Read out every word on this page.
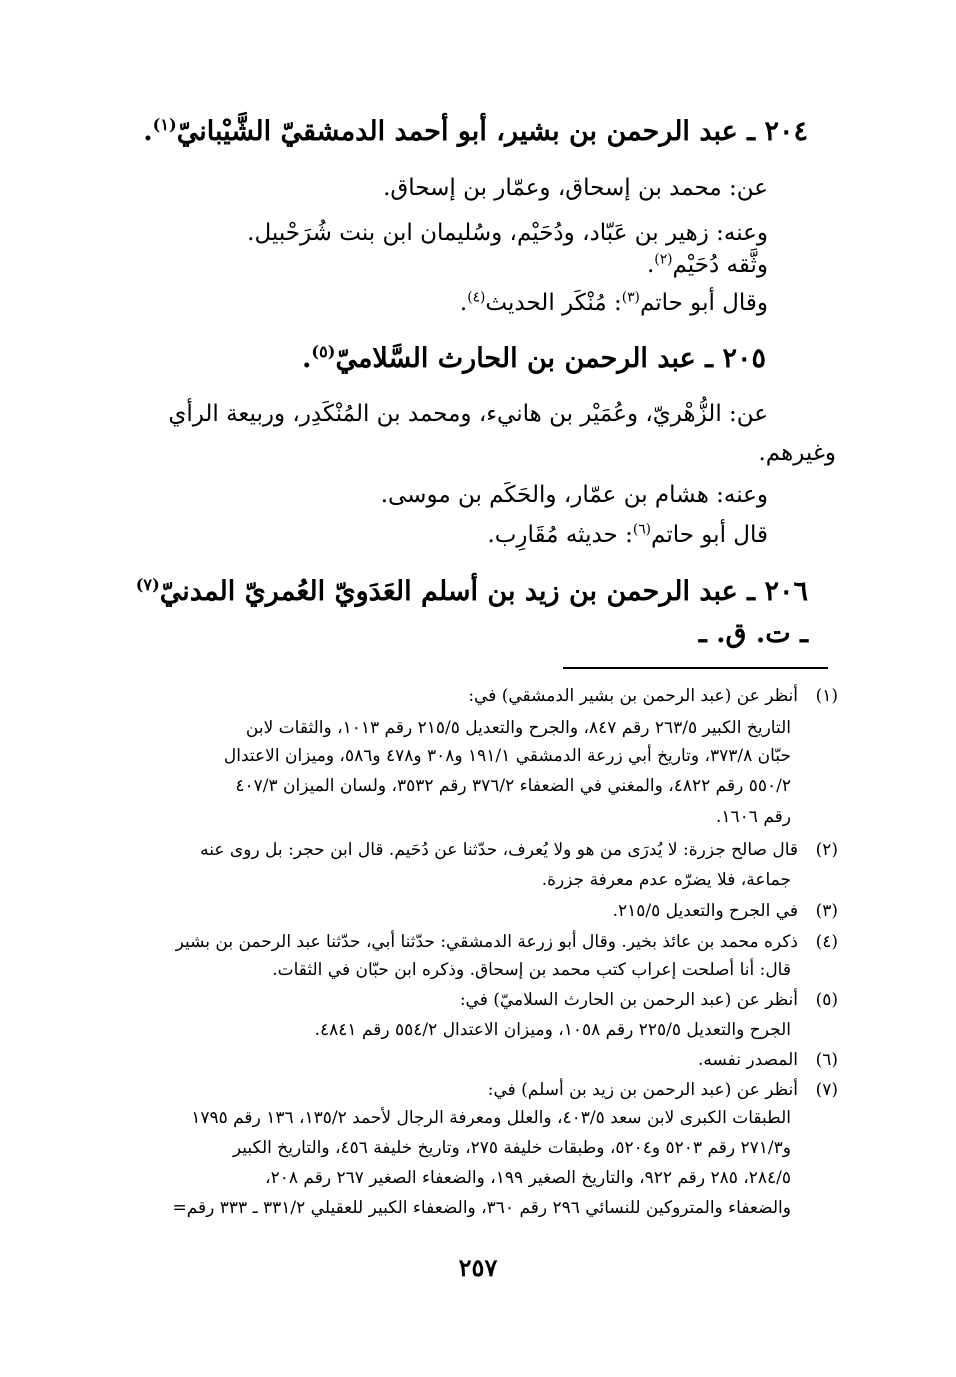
٢٠٤ ـ عبد الرحمن بن بشير، أبو أحمد الدمشقيّ الشَّيْبانيّ$^{(١)}$.

عن: محمد بن إسحاق، وعمّار بن إسحاق.

وعنه: زهير بن عَبّاد، ودُحَيْم، وسُليمان ابن بنت شُرَحْبيل.

وثَّقه دُحَيْم$^{(٢)}$.

وقال أبو حاتم$^{(٣)}$: مُنْكَر الحديث$^{(٤)}$.

٢٠٥ ـ عبد الرحمن بن الحارث السَّلاميّ$^{(٥)}$.

عن: الزُّهْريّ، وعُمَيْر بن هانيء، ومحمد بن المُنْكَدِر، وربيعة الرأي

وغيرهم.

وعنه: هشام بن عمّار، والحَكَم بن موسى.

قال أبو حاتم$^{(٦)}$: حديثه مُقَارِب.

٢٠٦ ـ عبد الرحمن بن زيد بن أسلم العَدَويّ العُمريّ المدنيّ$^{(٧)}$

ـ ت. ق. ـ

(١)أنظر عن (عبد الرحمن بن بشير الدمشقي) في:

التاريخ الكبير ٢٦٣/٥ رقم ٨٤٧، والجرح والتعديل ٢١٥/٥ رقم ١٠١٣، والثقات لابن

حبّان ٣٧٣/٨، وتاريخ أبي زرعة الدمشقي ١٩١/١ و٣٠٨ و٤٧٨ و٥٨٦، وميزان الاعتدال

٥٥٠/٢ رقم ٤٨٢٢، والمغني في الضعفاء ٣٧٦/٢ رقم ٣٥٣٢، ولسان الميزان ٤٠٧/٣

رقم ١٦٠٦.

(٢)قال صالح جزرة: لا يُدرَى من هو ولا يُعرف، حدّثنا عن دُحَيم. قال ابن حجر: بل روى عنه

جماعة، فلا يضرّه عدم معرفة جزرة.

(٣)في الجرح والتعديل ٢١٥/٥.

(٤)ذكره محمد بن عائذ بخير. وقال أبو زرعة الدمشقي: حدّثنا أبي، حدّثنا عبد الرحمن بن بشير

قال: أنا أصلحت إعراب كتب محمد بن إسحاق. وذكره ابن حبّان في الثقات.

(٥)أنظر عن (عبد الرحمن بن الحارث السلاميّ) في:

الجرح والتعديل ٢٢٥/٥ رقم ١٠٥٨، وميزان الاعتدال ٥٥٤/٢ رقم ٤٨٤١.

(٦)المصدر نفسه.

(٧)أنظر عن (عبد الرحمن بن زيد بن أسلم) في:

الطبقات الكبرى لابن سعد ٤٠٣/٥، والعلل ومعرفة الرجال لأحمد ١٣٥/٢، ١٣٦ رقم ١٧٩٥

و٢٧١/٣ رقم ٥٢٠٣ و٥٢٠٤، وطبقات خليفة ٢٧٥، وتاريخ خليفة ٤٥٦، والتاريخ الكبير

٢٨٤/٥، ٢٨٥ رقم ٩٢٢، والتاريخ الصغير ١٩٩، والضعفاء الصغير ٢٦٧ رقم ٢٠٨،

والضعفاء والمتروكين للنسائي ٢٩٦ رقم ٣٦٠، والضعفاء الكبير للعقيلي ٣٣١/٢ ـ ٣٣٣ رقم=

٢٥٧
